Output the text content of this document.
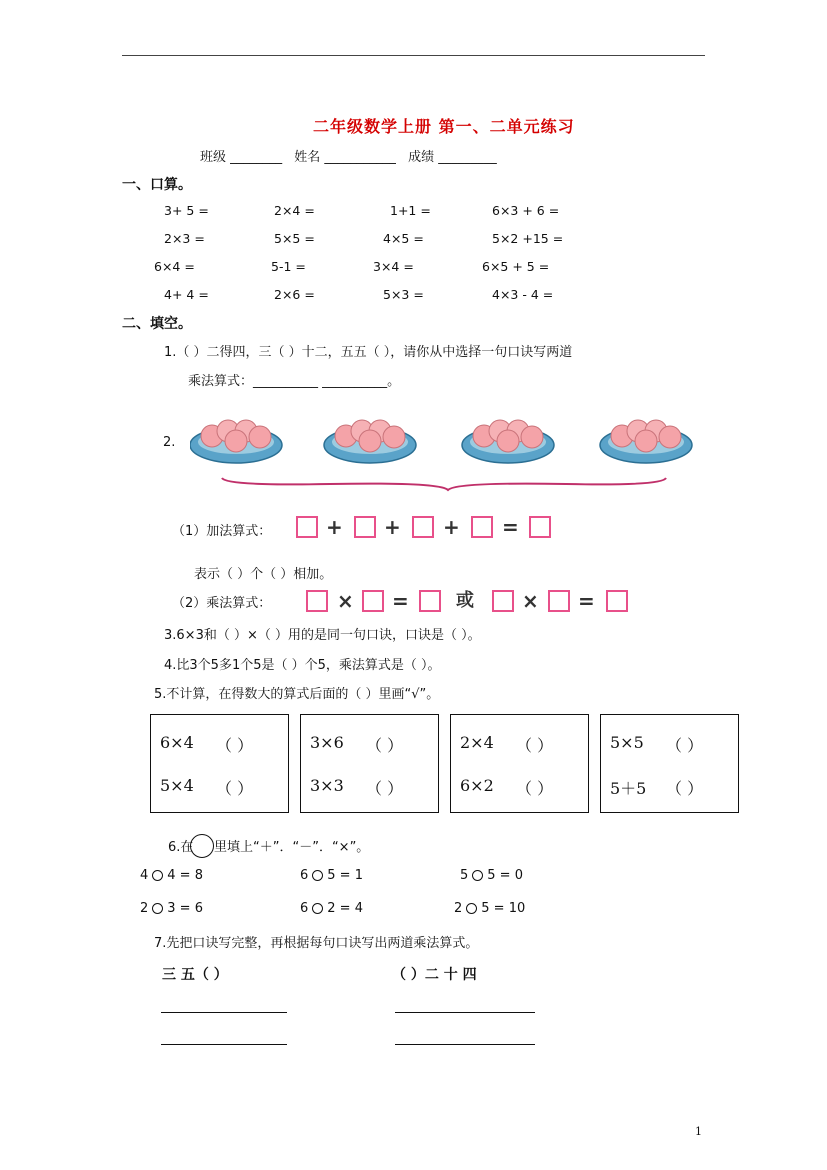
二年级数学上册 第一、二单元练习
班级 ________ 姓名 ___________ 成绩 _________
一、口算。
3+ 5 =	2×4 =	1+1 =	6×3 + 6 =
2×3 =	5×5 =	4×5 =	5×2 +15 =
6×4 =	5-1 =	3×4 =	6×5 + 5 =
4+ 4 =	2×6 =	5×3 =	4×3 - 4 =
二、填空。
1.（ ）二得四，三（ ）十二，五五（ ），请你从中选择一句口诀写两道
乘法算式：__________ __________。
2.
（1）加法算式：	+ + + =
表示（ ）个（ ）相加。
（2）乘法算式：	× =	或 × =
3.6×3和（ ）×（ ）用的是同一句口诀，口诀是（ ）。
4.比3个5多1个5是（ ）个5，乘法算式是（ ）。
5.不计算，在得数大的算式后面的（ ）里画“√”。
6×4 （ ）
5×4 （ ）
3×6 （ ）
3×3 （ ）
2×4 （ ）
6×2 （ ）
5×5 （ ）
5＋5 （ ）
6.在 里填上“＋”．“－”．“×”。
4 4 = 8	6 5 = 1	5 5 = 0
2 3 = 6	6 2 = 4	2 5 = 10
7.先把口诀写完整，再根据每句口诀写出两道乘法算式。
三 五（ ）	（ ）二 十 四
1
